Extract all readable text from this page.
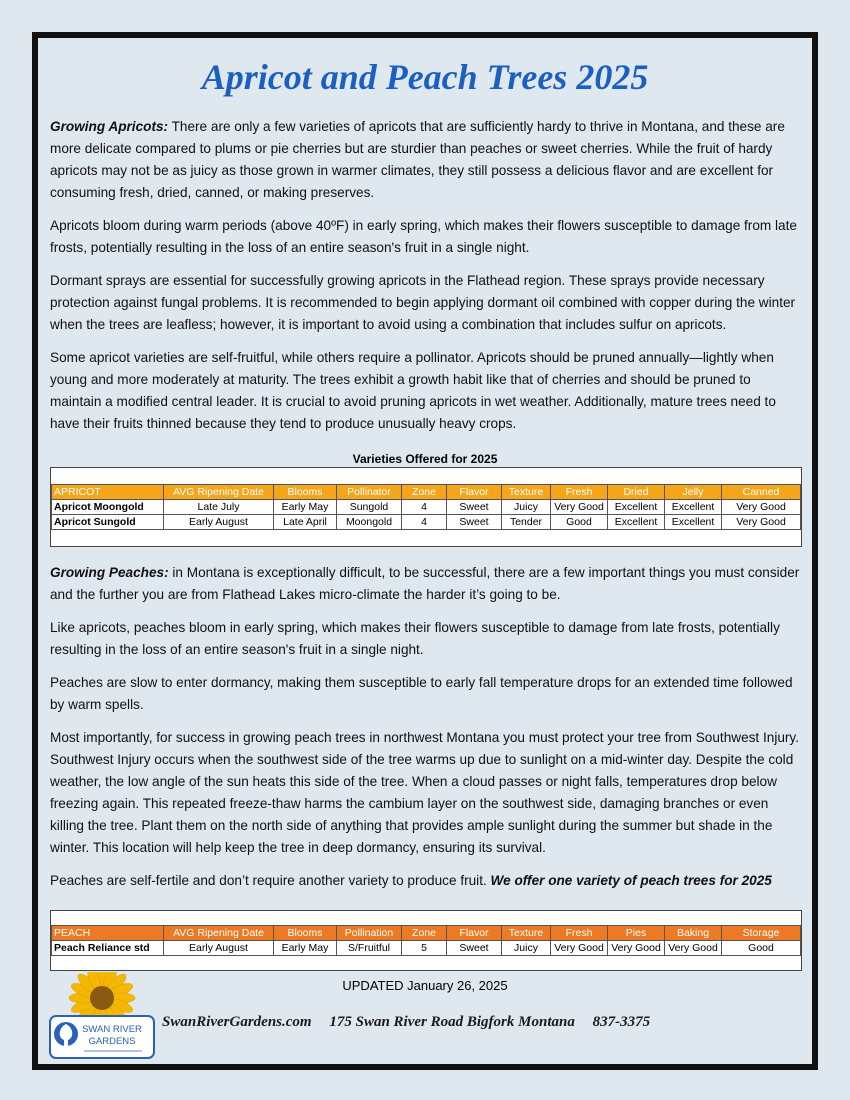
Apricot and Peach Trees 2025

Growing Apricots: There are only a few varieties of apricots that are sufficiently hardy to thrive in Montana, and these are more delicate compared to plums or pie cherries but are sturdier than peaches or sweet cherries. While the fruit of hardy apricots may not be as juicy as those grown in warmer climates, they still possess a delicious flavor and are excellent for consuming fresh, dried, canned, or making preserves.

Apricots bloom during warm periods (above 40ºF) in early spring, which makes their flowers susceptible to damage from late frosts, potentially resulting in the loss of an entire season's fruit in a single night.

Dormant sprays are essential for successfully growing apricots in the Flathead region. These sprays provide necessary protection against fungal problems. It is recommended to begin applying dormant oil combined with copper during the winter when the trees are leafless; however, it is important to avoid using a combination that includes sulfur on apricots.

Some apricot varieties are self-fruitful, while others require a pollinator. Apricots should be pruned annually—lightly when young and more moderately at maturity. The trees exhibit a growth habit like that of cherries and should be pruned to maintain a modified central leader. It is crucial to avoid pruning apricots in wet weather. Additionally, mature trees need to have their fruits thinned because they tend to produce unusually heavy crops.

Varieties Offered for 2025
APRICOT	AVG Ripening Date	Blooms	Pollinator	Zone	Flavor	Texture	Fresh	Dried	Jelly	Canned
Apricot Moongold	Late July	Early May	Sungold	4	Sweet	Juicy	Very Good	Excellent	Excellent	Very Good
Apricot Sungold	Early August	Late April	Moongold	4	Sweet	Tender	Good	Excellent	Excellent	Very Good

Growing Peaches: in Montana is exceptionally difficult, to be successful, there are a few important things you must consider and the further you are from Flathead Lakes micro-climate the harder it’s going to be.

Like apricots, peaches bloom in early spring, which makes their flowers susceptible to damage from late frosts, potentially resulting in the loss of an entire season's fruit in a single night.

Peaches are slow to enter dormancy, making them susceptible to early fall temperature drops for an extended time followed by warm spells.

Most importantly, for success in growing peach trees in northwest Montana you must protect your tree from Southwest Injury. Southwest Injury occurs when the southwest side of the tree warms up due to sunlight on a mid-winter day. Despite the cold weather, the low angle of the sun heats this side of the tree. When a cloud passes or night falls, temperatures drop below freezing again. This repeated freeze-thaw harms the cambium layer on the southwest side, damaging branches or even killing the tree. Plant them on the north side of anything that provides ample sunlight during the summer but shade in the winter. This location will help keep the tree in deep dormancy, ensuring its survival.

Peaches are self-fertile and don’t require another variety to produce fruit. We offer one variety of peach trees for 2025

PEACH	AVG Ripening Date	Blooms	Pollination	Zone	Flavor	Texture	Fresh	Pies	Baking	Storage
Peach Reliance std	Early August	Early May	S/Fruitful	5	Sweet	Juicy	Very Good	Very Good	Very Good	Good
UPDATED January 26, 2025
SWAN RIVER
GARDENS
SwanRiverGardens.com 175 Swan River Road Bigfork Montana 837-3375
